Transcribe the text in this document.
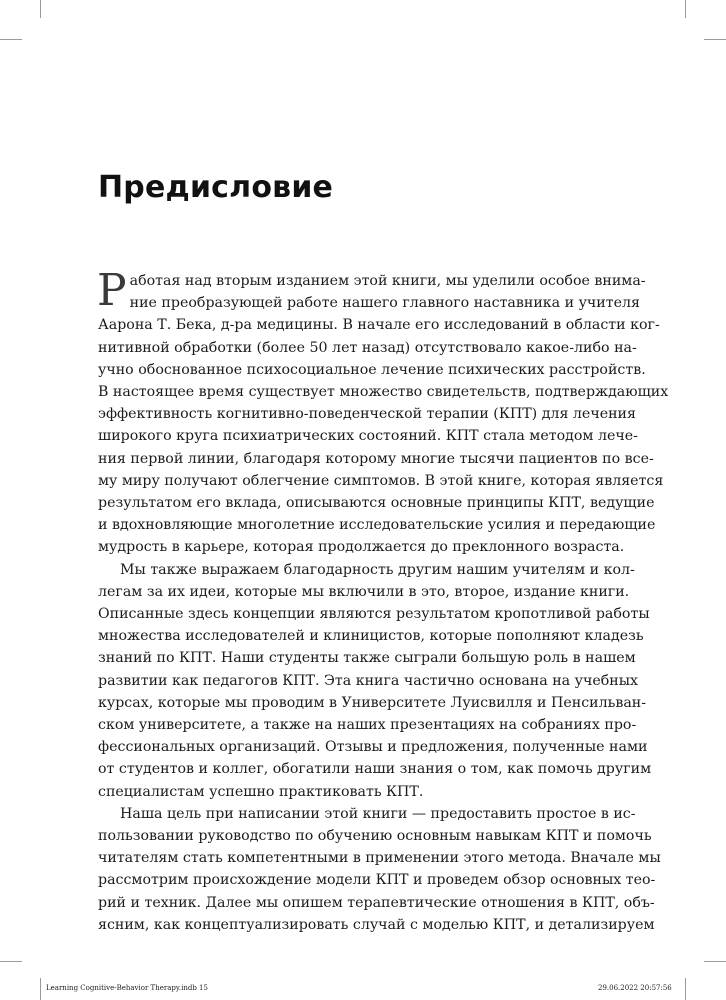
Предисловие
Р аботая над вторым изданием этой книги, мы уделили особое внима-
ние преобразующей работе нашего главного наставника и учителя
Аарона Т. Бека, д-ра медицины. В начале его исследований в области ког-
нитивной обработки (более 50 лет назад) отсутствовало какое-либо на-
учно обоснованное психосоциальное лечение психических расстройств.
В настоящее время существует множество свидетельств, подтверждающих
эффективность когнитивно-поведенческой терапии (КПТ) для лечения
широкого круга психиатрических состояний. КПТ стала методом лече-
ния первой линии, благодаря которому многие тысячи пациентов по все-
му миру получают облегчение симптомов. В этой книге, которая является
результатом его вклада, описываются основные принципы КПТ, ведущие
и вдохновляющие многолетние исследовательские усилия и передающие
мудрость в карьере, которая продолжается до преклонного возраста.
Мы также выражаем благодарность другим нашим учителям и кол-
легам за их идеи, которые мы включили в это, второе, издание книги.
Описанные здесь концепции являются результатом кропотливой работы
множества исследователей и клиницистов, которые пополняют кладезь
знаний по КПТ. Наши студенты также сыграли большую роль в нашем
развитии как педагогов КПТ. Эта книга частично основана на учебных
курсах, которые мы проводим в Университете Луисвилля и Пенсильван-
ском университете, а также на наших презентациях на собраниях про-
фессиональных организаций. Отзывы и предложения, полученные нами
от студентов и коллег, обогатили наши знания о том, как помочь другим
специалистам успешно практиковать КПТ.
Наша цель при написании этой книги — предоставить простое в ис-
пользовании руководство по обучению основным навыкам КПТ и помочь
читателям стать компетентными в применении этого метода. Вначале мы
рассмотрим происхождение модели КПТ и проведем обзор основных тео-
рий и техник. Далее мы опишем терапевтические отношения в КПТ, объ-
ясним, как концептуализировать случай с моделью КПТ, и детализируем
Learning Cognitive-Behavior Therapy.indb 15	29.06.2022 20:57:56
